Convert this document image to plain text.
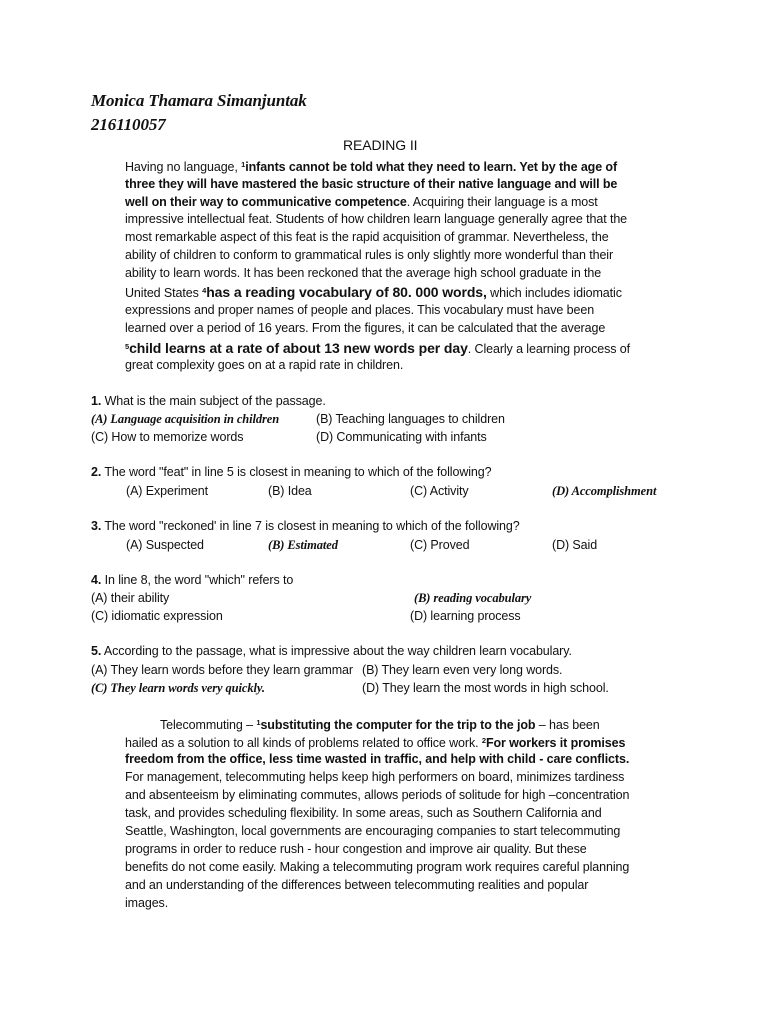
Monica Thamara Simanjuntak
216110057
READING II
Having no language, $^1$infants cannot be told what they need to learn. Yet by the age of
three they will have mastered the basic structure of their native language and will be
well on their way to communicative competence. Acquiring their language is a most
impressive intellectual feat. Students of how children learn language generally agree that the
most remarkable aspect of this feat is the rapid acquisition of grammar. Nevertheless, the
ability of children to conform to grammatical rules is only slightly more wonderful than their
ability to learn words. It has been reckoned that the average high school graduate in the
United States $^4$has a reading vocabulary of 80. 000 words, which includes idiomatic
expressions and proper names of people and places. This vocabulary must have been
learned over a period of 16 years. From the figures, it can be calculated that the average
$^5$child learns at a rate of about 13 new words per day. Clearly a learning process of
great complexity goes on at a rapid rate in children.
1. What is the main subject of the passage.
(A) Language acquisition in children	(B) Teaching languages to children
(C) How to memorize words	(D) Communicating with infants
2. The word "feat" in line 5 is closest in meaning to which of the following?
(A) Experiment	(B) Idea	(C) Activity	(D) Accomplishment
3. The word "reckoned' in line 7 is closest in meaning to which of the following?
(A) Suspected	(B) Estimated	(C) Proved	(D) Said
4. In line 8, the word "which" refers to
(A) their ability	(B) reading vocabulary
(C) idiomatic expression	(D) learning process
5. According to the passage, what is impressive about the way children learn vocabulary.
(A) They learn words before they learn grammar (B) They learn even very long words.
(C) They learn words very quickly.	(D) They learn the most words in high school.
Telecommuting – $^1$substituting the computer for the trip to the job – has been
hailed as a solution to all kinds of problems related to office work. $^2$For workers it promises
freedom from the office, less time wasted in traffic, and help with child - care conflicts.
For management, telecommuting helps keep high performers on board, minimizes tardiness
and absenteeism by eliminating commutes, allows periods of solitude for high –concentration
task, and provides scheduling flexibility. In some areas, such as Southern California and
Seattle, Washington, local governments are encouraging companies to start telecommuting
programs in order to reduce rush - hour congestion and improve air quality. But these
benefits do not come easily. Making a telecommuting program work requires careful planning
and an understanding of the differences between telecommuting realities and popular
images.
